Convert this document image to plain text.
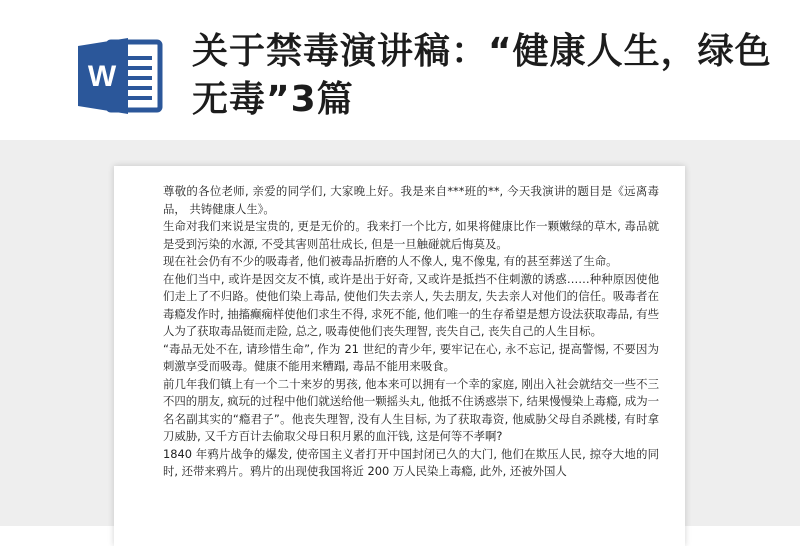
W
关于禁毒演讲稿：“健康人生，绿色无毒”3篇

尊敬的各位老师, 亲爱的同学们, 大家晚上好。我是来自***班的**, 今天我演讲的题目是《远离毒品， 共铸健康人生》。

生命对我们来说是宝贵的, 更是无价的。我来打一个比方, 如果将健康比作一颗嫩绿的草木, 毒品就是受到污染的水源, 不受其害则茁壮成长, 但是一旦触碰就后悔莫及。

现在社会仍有不少的吸毒者, 他们被毒品折磨的人不像人, 鬼不像鬼, 有的甚至葬送了生命。

在他们当中, 或许是因交友不慎, 或许是出于好奇, 又或许是抵挡不住刺激的诱惑……种种原因使他们走上了不归路。使他们染上毒品, 使他们失去亲人, 失去朋友, 失去亲人对他们的信任。吸毒者在毒瘾发作时, 抽搐癫痫样使他们求生不得, 求死不能, 他们唯一的生存希望是想方设法获取毒品, 有些人为了获取毒品铤而走险, 总之, 吸毒使他们丧失理智, 丧失自己, 丧失自己的人生目标。

“毒品无处不在, 请珍惜生命”, 作为 21 世纪的青少年, 要牢记在心, 永不忘记, 提高警惕, 不要因为刺激享受而吸毒。健康不能用来糟蹋, 毒品不能用来吸食。

前几年我们镇上有一个二十来岁的男孩, 他本来可以拥有一个幸的家庭, 刚出入社会就结交一些不三不四的朋友, 疯玩的过程中他们就送给他一颗摇头丸, 他抵不住诱惑崇下, 结果慢慢染上毒瘾, 成为一名名副其实的“瘾君子”。他丧失理智, 没有人生目标, 为了获取毒资, 他威胁父母自杀跳楼, 有时拿刀威胁, 又千方百计去偷取父母日积月累的血汗钱, 这是何等不孝啊?

1840 年鸦片战争的爆发, 使帝国主义者打开中国封闭已久的大门, 他们在欺压人民, 掠夺大地的同时, 还带来鸦片。鸦片的出现使我国将近 200 万人民染上毒瘾, 此外, 还被外国人
